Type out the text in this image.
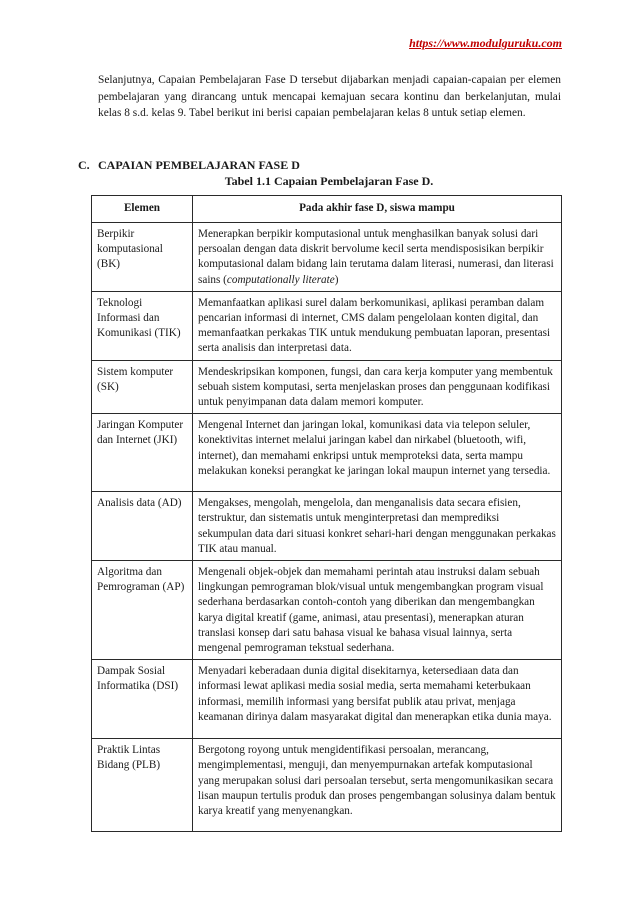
https://www.modulguruku.com

Selanjutnya, Capaian Pembelajaran Fase D tersebut dijabarkan menjadi capaian-capaian per elemen pembelajaran yang dirancang untuk mencapai kemajuan secara kontinu dan berkelanjutan, mulai kelas 8 s.d. kelas 9. Tabel berikut ini berisi capaian pembelajaran kelas 8 untuk setiap elemen.

C. CAPAIAN PEMBELAJARAN FASE D
Tabel 1.1 Capaian Pembelajaran Fase D.
Elemen	Pada akhir fase D, siswa mampu
Berpikir komputasional (BK)	Menerapkan berpikir komputasional untuk menghasilkan banyak solusi dari persoalan dengan data diskrit bervolume kecil serta mendisposisikan berpikir komputasional dalam bidang lain terutama dalam literasi, numerasi, dan literasi sains (computationally literate)
Teknologi Informasi dan Komunikasi (TIK)	Memanfaatkan aplikasi surel dalam berkomunikasi, aplikasi peramban dalam pencarian informasi di internet, CMS dalam pengelolaan konten digital, dan memanfaatkan perkakas TIK untuk mendukung pembuatan laporan, presentasi serta analisis dan interpretasi data.
Sistem komputer (SK)	Mendeskripsikan komponen, fungsi, dan cara kerja komputer yang membentuk sebuah sistem komputasi, serta menjelaskan proses dan penggunaan kodifikasi untuk penyimpanan data dalam memori komputer.
Jaringan Komputer dan Internet (JKI)	Mengenal Internet dan jaringan lokal, komunikasi data via telepon seluler, konektivitas internet melalui jaringan kabel dan nirkabel (bluetooth, wifi, internet), dan memahami enkripsi untuk memproteksi data, serta mampu melakukan koneksi perangkat ke jaringan lokal maupun internet yang tersedia.
Analisis data (AD)	Mengakses, mengolah, mengelola, dan menganalisis data secara efisien, terstruktur, dan sistematis untuk menginterpretasi dan memprediksi sekumpulan data dari situasi konkret sehari-hari dengan menggunakan perkakas TIK atau manual.
Algoritma dan Pemrograman (AP)	Mengenali objek-objek dan memahami perintah atau instruksi dalam sebuah lingkungan pemrograman blok/visual untuk mengembangkan program visual sederhana berdasarkan contoh-contoh yang diberikan dan mengembangkan karya digital kreatif (game, animasi, atau presentasi), menerapkan aturan translasi konsep dari satu bahasa visual ke bahasa visual lainnya, serta mengenal pemrograman tekstual sederhana.
Dampak Sosial Informatika (DSI)	Menyadari keberadaan dunia digital disekitarnya, ketersediaan data dan informasi lewat aplikasi media sosial media, serta memahami keterbukaan informasi, memilih informasi yang bersifat publik atau privat, menjaga keamanan dirinya dalam masyarakat digital dan menerapkan etika dunia maya.
Praktik Lintas Bidang (PLB)	Bergotong royong untuk mengidentifikasi persoalan, merancang, mengimplementasi, menguji, dan menyempurnakan artefak komputasional yang merupakan solusi dari persoalan tersebut, serta mengomunikasikan secara lisan maupun tertulis produk dan proses pengembangan solusinya dalam bentuk karya kreatif yang menyenangkan.
